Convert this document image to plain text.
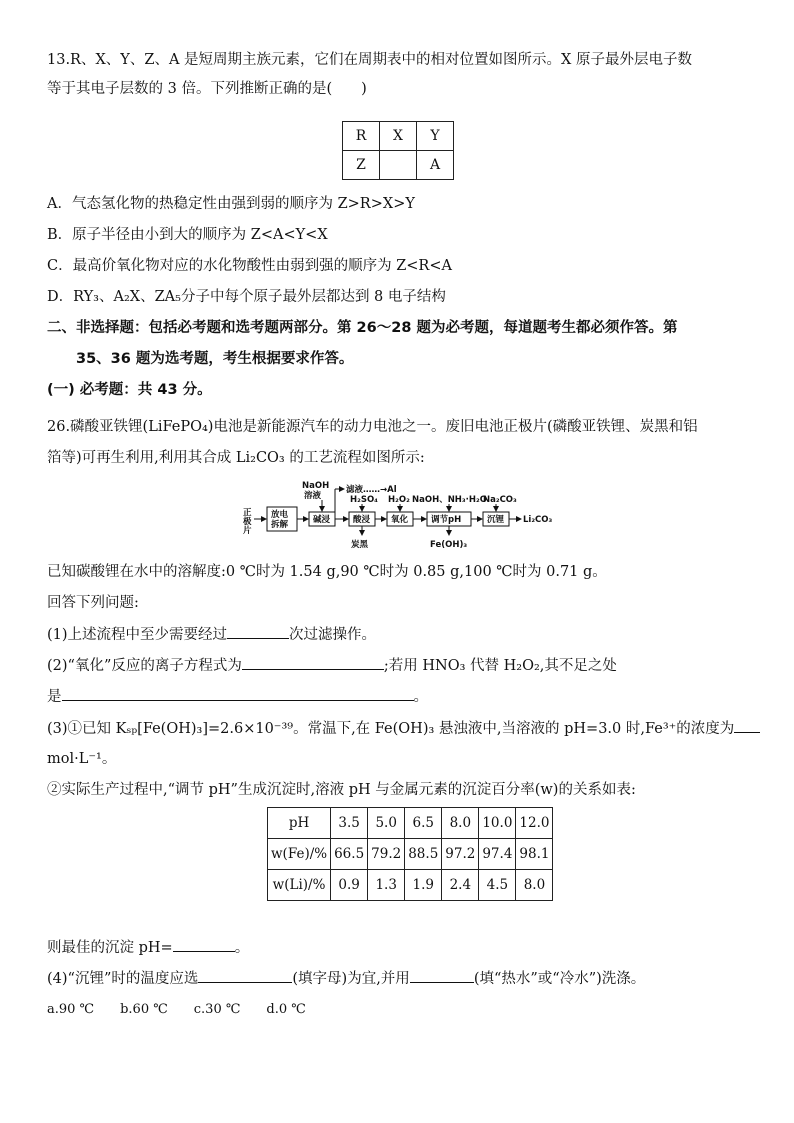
13.R、X、Y、Z、A 是短周期主族元素，它们在周期表中的相对位置如图所示。X 原子最外层电子数
等于其电子层数的 3 倍。下列推断正确的是(　　)
R	X	Y
Z		A
A．气态氢化物的热稳定性由强到弱的顺序为 Z>R>X>Y
B．原子半径由小到大的顺序为 Z<A<Y<X
C．最高价氧化物对应的水化物酸性由弱到强的顺序为 Z<R<A
D．RY₃、A₂X、ZA₅分子中每个原子最外层都达到 8 电子结构
二、非选择题：包括必考题和选考题两部分。第 26～28 题为必考题，每道题考生都必须作答。第
35、36 题为选考题，考生根据要求作答。
(一) 必考题：共 43 分。
26.磷酸亚铁锂(LiFePO₄)电池是新能源汽车的动力电池之一。废旧电池正极片(磷酸亚铁锂、炭黑和铝
箔等)可再生利用,利用其合成 Li₂CO₃ 的工艺流程如图所示:
正
极
片
放电
拆解	碱浸
NaOH
溶液
滤液……→Al
酸浸
H₂SO₄
炭黑
氧化
H₂O₂
调节pH
NaOH、NH₃·H₂O
Fe(OH)₃
沉锂
Na₂CO₃
Li₂CO₃
已知碳酸锂在水中的溶解度:0 ℃时为 1.54 g,90 ℃时为 0.85 g,100 ℃时为 0.71 g。
回答下列问题:
(1)上述流程中至少需要经过	次过滤操作。
(2)“氧化”反应的离子方程式为	;若用 HNO₃ 代替 H₂O₂,其不足之处
是	。
(3)①已知 Kₛₚ[Fe(OH)₃]=2.6×10⁻³⁹。常温下,在 Fe(OH)₃ 悬浊液中,当溶液的 pH=3.0 时,Fe³⁺的浓度为
mol·L⁻¹。
②实际生产过程中,“调节 pH”生成沉淀时,溶液 pH 与金属元素的沉淀百分率(w)的关系如表:
pH	3.5	5.0	6.5	8.0	10.0	12.0
w(Fe)/%	66.5	79.2	88.5	97.2	97.4	98.1
w(Li)/%	0.9	1.3	1.9	2.4	4.5	8.0
则最佳的沉淀 pH=	。
(4)“沉锂”时的温度应选	(填字母)为宜,并用	(填“热水”或“冷水”)洗涤。
a.90 ℃　　b.60 ℃　　c.30 ℃　　d.0 ℃
